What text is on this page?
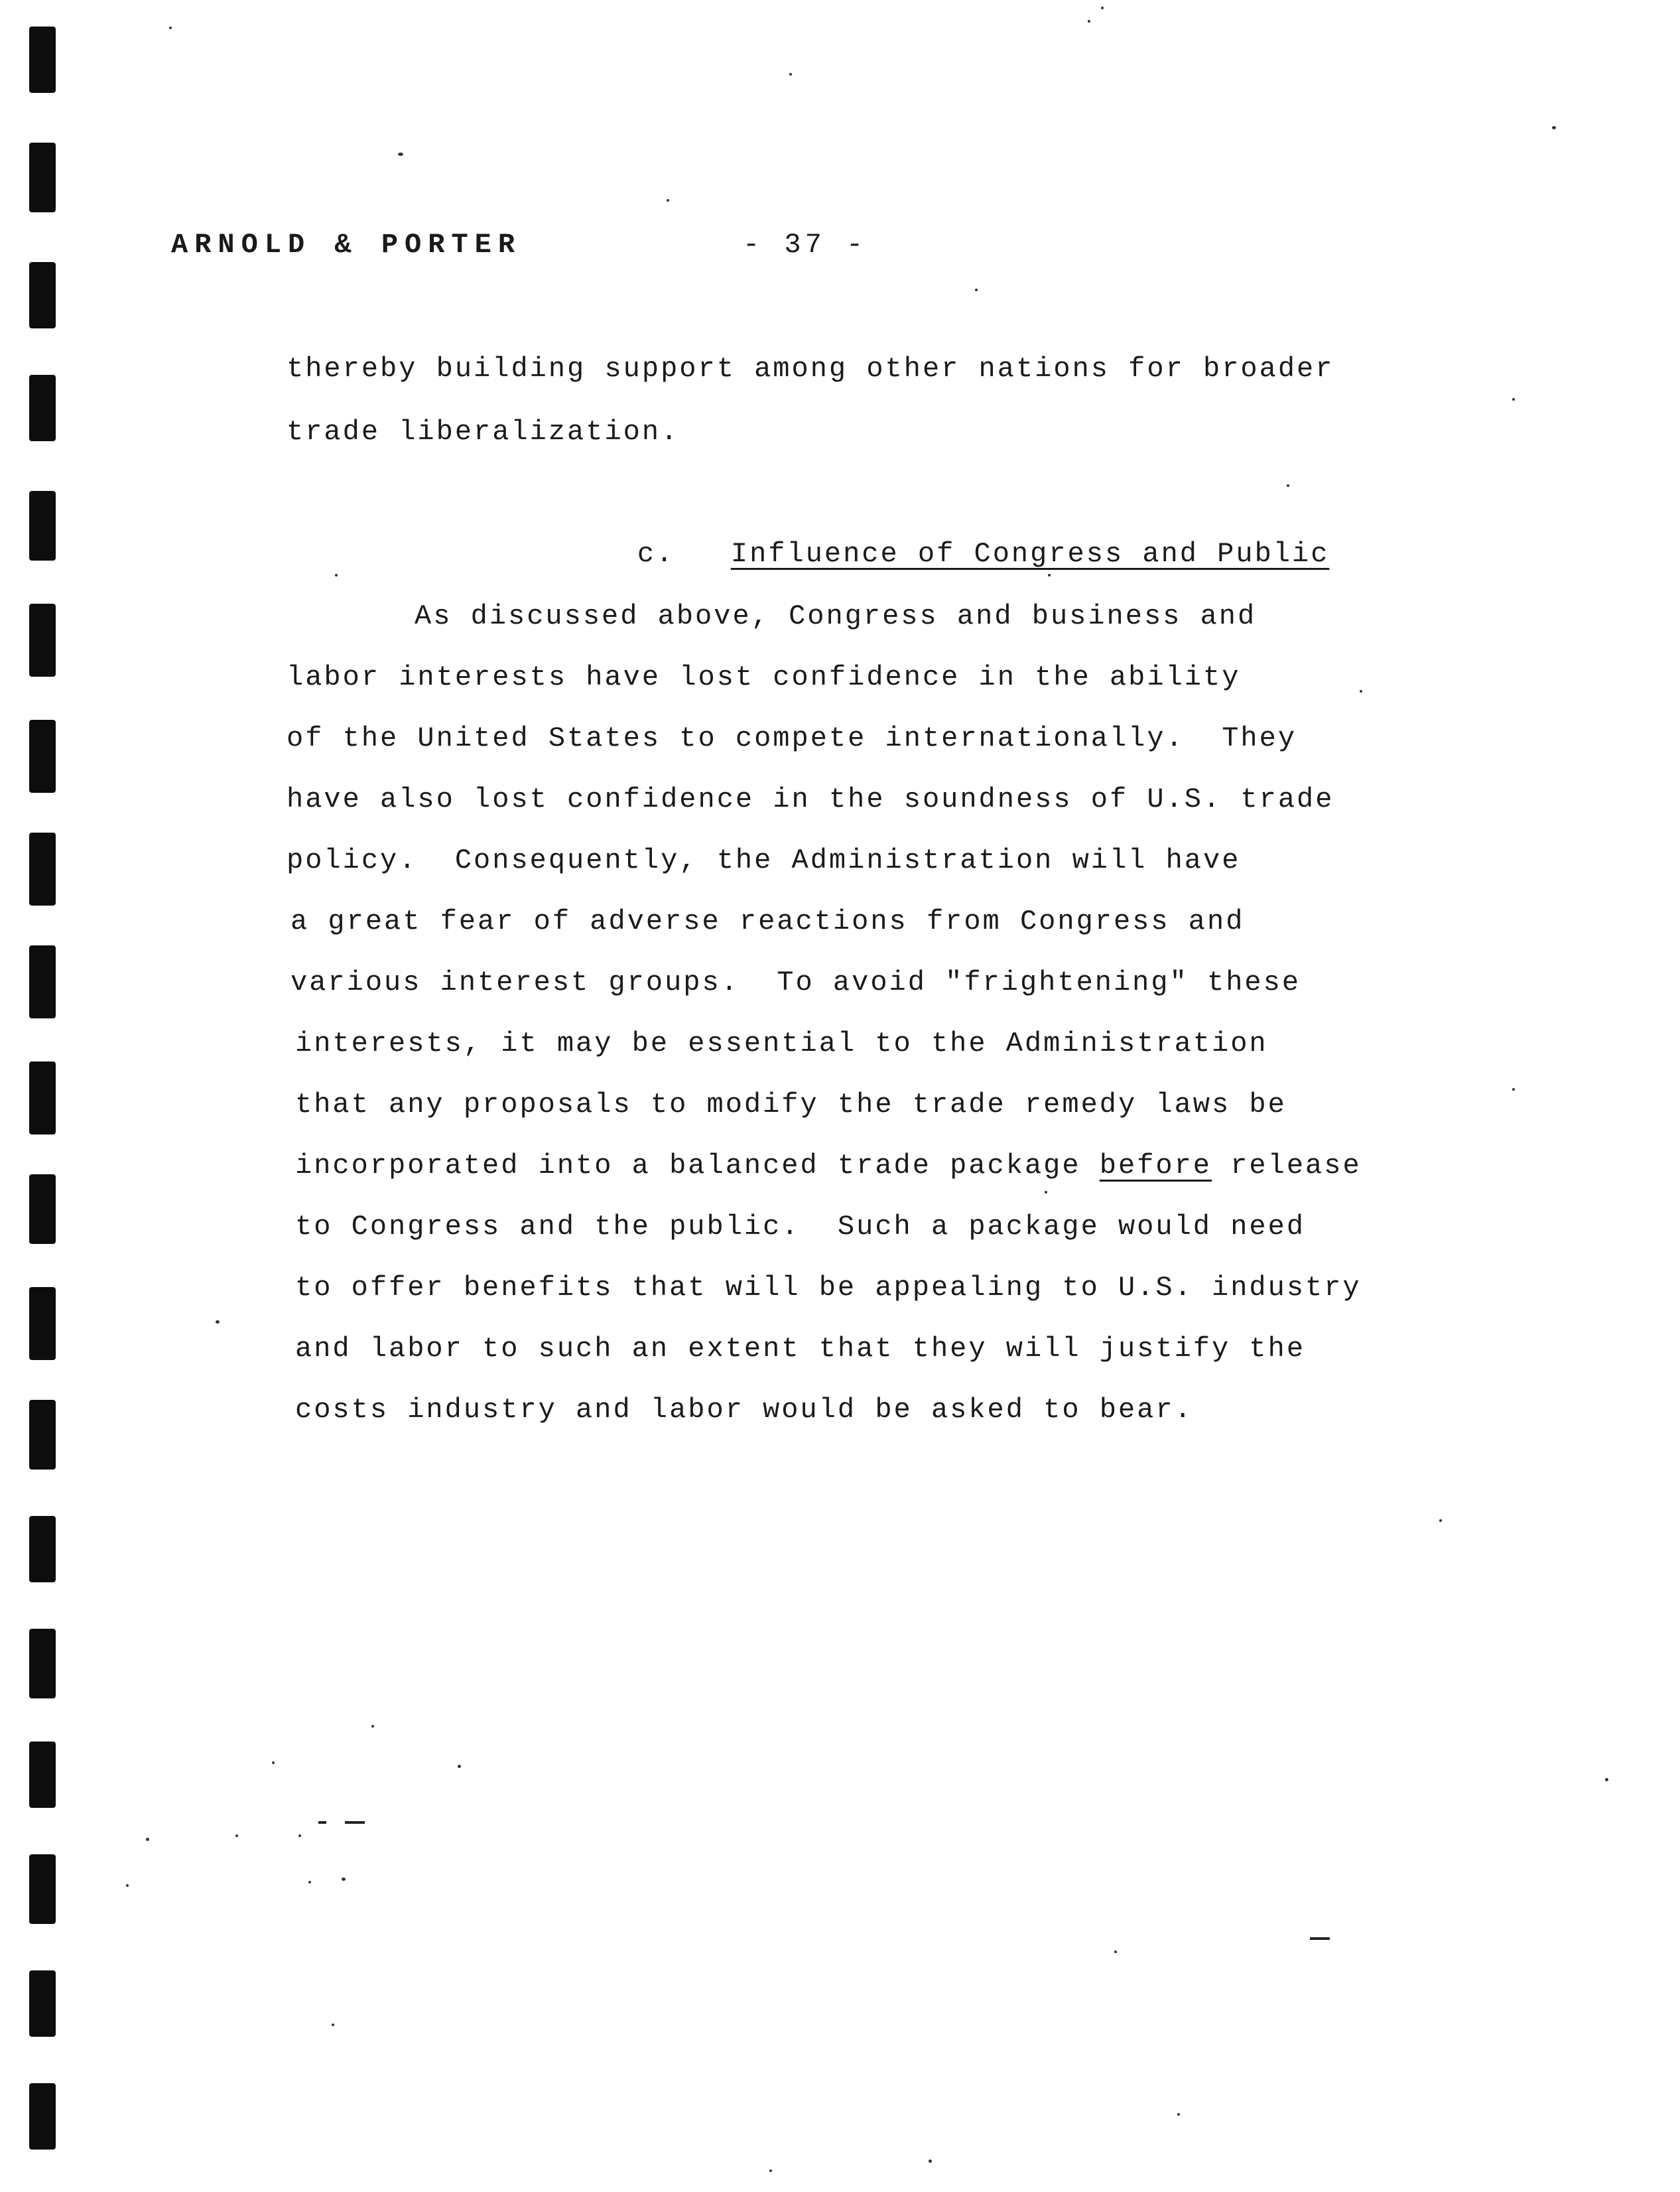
ARNOLD & PORTER	- 37 -
thereby building support among other nations for broader
trade liberalization.

c. Influence of Congress and Public

As discussed above, Congress and business and
labor interests have lost confidence in the ability
of the United States to compete internationally.  They
have also lost confidence in the soundness of U.S. trade
policy.  Consequently, the Administration will have
a great fear of adverse reactions from Congress and
various interest groups.  To avoid "frightening" these
interests, it may be essential to the Administration
that any proposals to modify the trade remedy laws be
incorporated into a balanced trade package before release
to Congress and the public.  Such a package would need
to offer benefits that will be appealing to U.S. industry
and labor to such an extent that they will justify the
costs industry and labor would be asked to bear.
